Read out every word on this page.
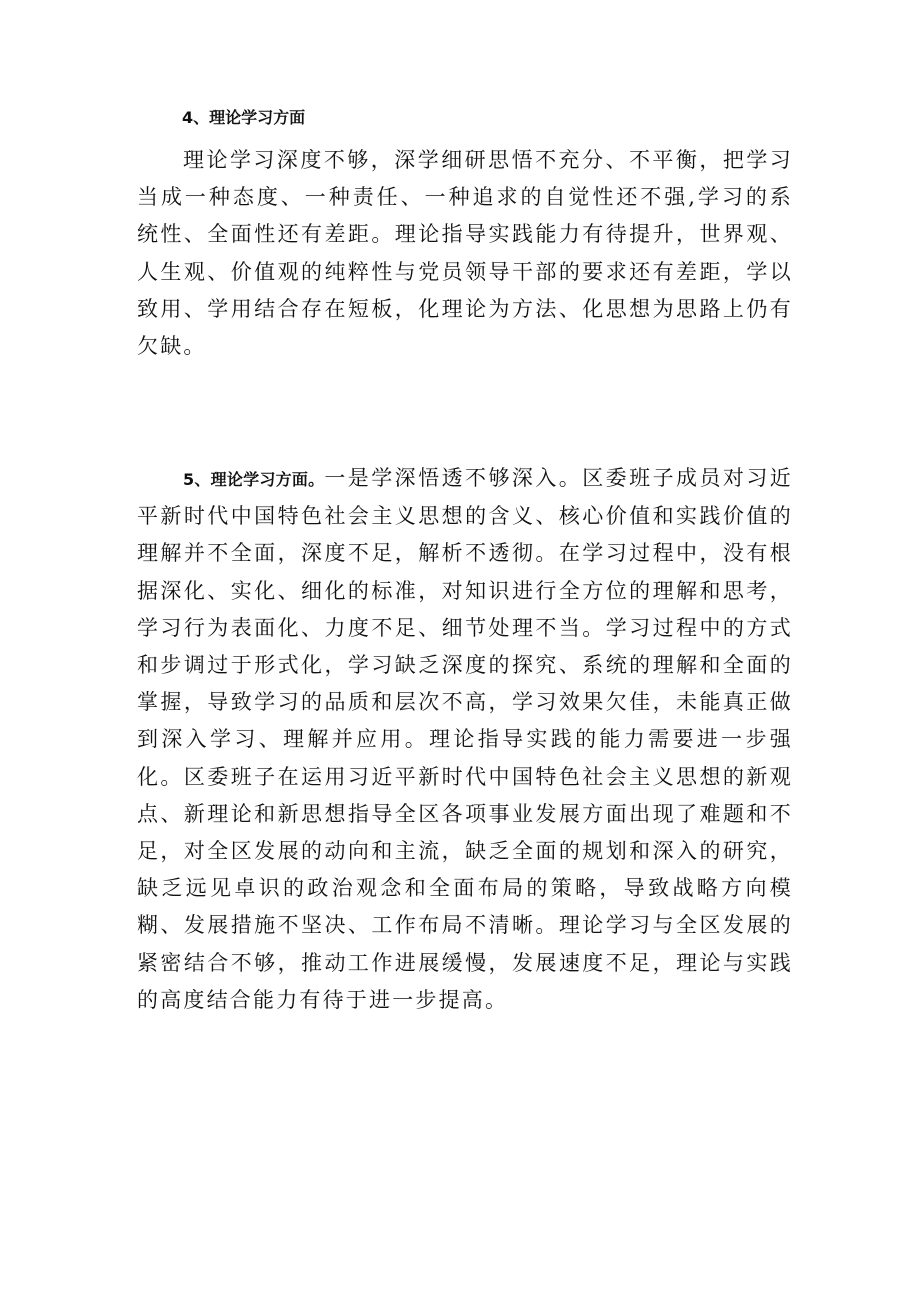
4、理论学习方面

理论学习深度不够，深学细研思悟不充分、不平衡，把学习当成一种态度、一种责任、一种追求的自觉性还不强,学习的系统性、全面性还有差距。理论指导实践能力有待提升，世界观、人生观、价值观的纯粹性与党员领导干部的要求还有差距，学以致用、学用结合存在短板，化理论为方法、化思想为思路上仍有欠缺。

5、理论学习方面。一是学深悟透不够深入。区委班子成员对习近平新时代中国特色社会主义思想的含义、核心价值和实践价值的理解并不全面，深度不足，解析不透彻。在学习过程中，没有根据深化、实化、细化的标准，对知识进行全方位的理解和思考，学习行为表面化、力度不足、细节处理不当。学习过程中的方式和步调过于形式化，学习缺乏深度的探究、系统的理解和全面的掌握，导致学习的品质和层次不高，学习效果欠佳，未能真正做到深入学习、理解并应用。理论指导实践的能力需要进一步强化。区委班子在运用习近平新时代中国特色社会主义思想的新观点、新理论和新思想指导全区各项事业发展方面出现了难题和不足，对全区发展的动向和主流，缺乏全面的规划和深入的研究，缺乏远见卓识的政治观念和全面布局的策略，导致战略方向模糊、发展措施不坚决、工作布局不清晰。理论学习与全区发展的紧密结合不够，推动工作进展缓慢，发展速度不足，理论与实践的高度结合能力有待于进一步提高。
